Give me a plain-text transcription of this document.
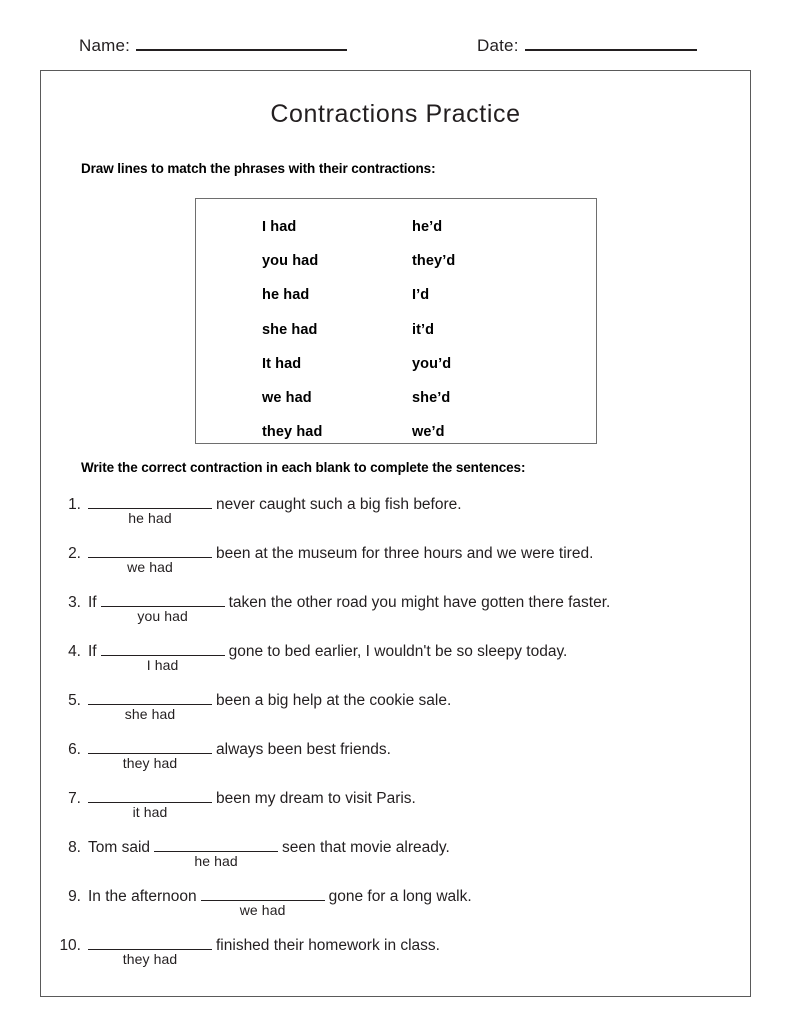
Name:	Date:
Contractions Practice
Draw lines to match the phrases with their contractions:
I had	he’d
you had	they’d
he had	I’d
she had	it’d
It had	you’d
we had	she’d
they had	we’d
Write the correct contraction in each blank to complete the sentences:
1.
he had
never caught such a big fish before.
2.
we had
been at the museum for three hours and we were tired.
3. If
you had
taken the other road you might have gotten there faster.
4. If
I had
gone to bed earlier, I wouldn't be so sleepy today.
5.
she had
been a big help at the cookie sale.
6.
they had
always been best friends.
7.
it had
been my dream to visit Paris.
8. Tom said
he had
seen that movie already.
9. In the afternoon
we had
gone for a long walk.
10.
they had
finished their homework in class.
